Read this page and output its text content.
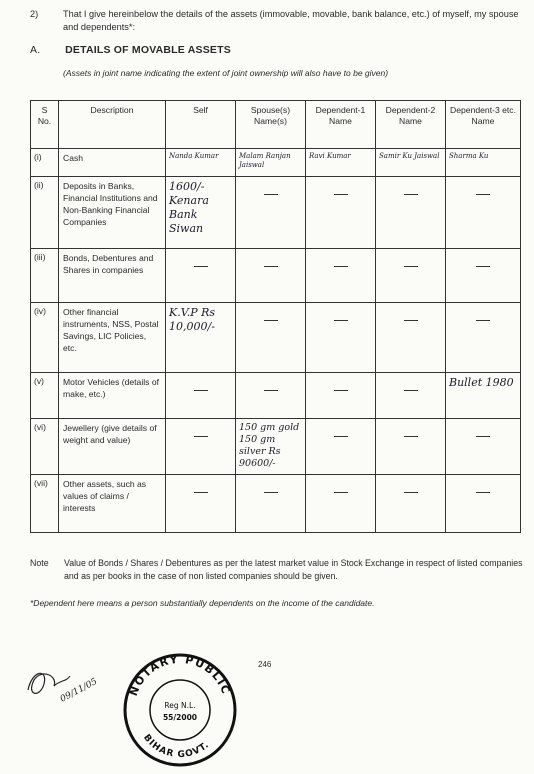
2)	That I give hereinbelow the details of the assets (immovable, movable, bank balance, etc.) of myself, my spouse and dependents*:
A. DETAILS OF MOVABLE ASSETS
(Assets in joint name indicating the extent of joint ownership will also have to be given)
S No.	Description	Self	Spouse(s) Name(s)	Dependent-1 Name	Dependent-2 Name	Dependent-3 etc. Name

(i)	Cash	Nanda Kumar	Malam Ranjan Jaiswal	Ravi Kumar	Samir Ku Jaiswal	Sharma Ku

(ii)	Deposits in Banks, Financial Institutions and Non-Banking Financial Companies	1600/- Kenara Bank Siwan				
(iii)	Bonds, Debentures and Shares in companies					
(iv)	Other financial instruments, NSS, Postal Savings, LIC Policies, etc.	K.V.P Rs 10,000/-				
(v)	Motor Vehicles (details of make, etc.)					Bullet 1980
(vi)	Jewellery (give details of weight and value)		150 gm gold 150 gm silver Rs 90600/-			
(vii)	Other assets, such as values of claims / interests					
Note Value of Bonds / Shares / Debentures as per the latest market value in Stock Exchange in respect of listed companies and as per books in the case of non listed companies should be given.
*Dependent here means a person substantially dependents on the income of the candidate.
246
09/11/05	NOTARY PUBLIC
BIHAR GOVT.
Reg N.L.
55/2000
